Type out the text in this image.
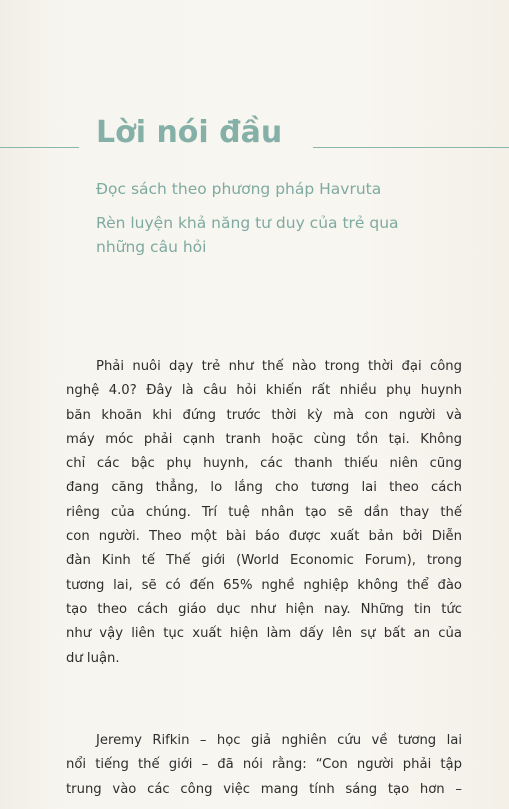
Lời nói đầu
Đọc sách theo phương pháp Havruta
Rèn luyện khả năng tư duy của trẻ qua
những câu hỏi
Phải nuôi dạy trẻ như thế nào trong thời đại công
nghệ 4.0? Đây là câu hỏi khiến rất nhiều phụ huynh
băn khoăn khi đứng trước thời kỳ mà con người và
máy móc phải cạnh tranh hoặc cùng tồn tại. Không
chỉ các bậc phụ huynh, các thanh thiếu niên cũng
đang căng thẳng, lo lắng cho tương lai theo cách
riêng của chúng. Trí tuệ nhân tạo sẽ dần thay thế
con người. Theo một bài báo được xuất bản bởi Diễn
đàn Kinh tế Thế giới (World Economic Forum), trong
tương lai, sẽ có đến 65% nghề nghiệp không thể đào
tạo theo cách giáo dục như hiện nay. Những tin tức
như vậy liên tục xuất hiện làm dấy lên sự bất an của
dư luận.
Jeremy Rifkin – học giả nghiên cứu về tương lai
nổi tiếng thế giới – đã nói rằng: “Con người phải tập
trung vào các công việc mang tính sáng tạo hơn –
